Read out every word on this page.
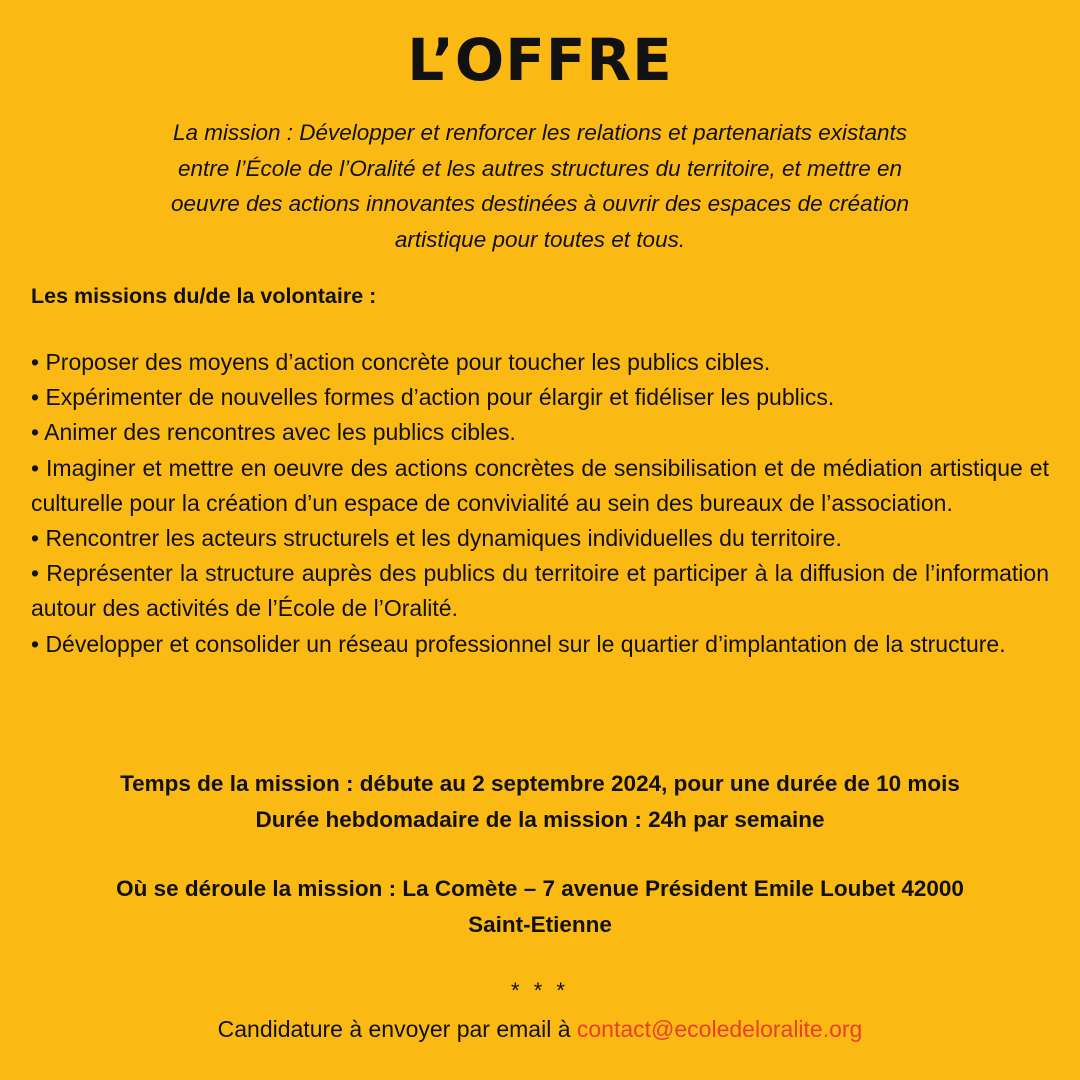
L’OFFRE

La mission : Développer et renforcer les relations et partenariats existants
entre l’École de l’Oralité et les autres structures du territoire, et mettre en
oeuvre des actions innovantes destinées à ouvrir des espaces de création
artistique pour toutes et tous.

Les missions du/de la volontaire :

• Proposer des moyens d’action concrète pour toucher les publics cibles.
• Expérimenter de nouvelles formes d’action pour élargir et fidéliser les publics.
• Animer des rencontres avec les publics cibles.
• Imaginer et mettre en oeuvre des actions concrètes de sensibilisation et de médiation artistique et culturelle pour la création d’un espace de convivialité au sein des bureaux de l’association.
• Rencontrer les acteurs structurels et les dynamiques individuelles du territoire.
• Représenter la structure auprès des publics du territoire et participer à la diffusion de l’information autour des activités de l’École de l’Oralité.
• Développer et consolider un réseau professionnel sur le quartier d’implantation de la structure.

Temps de la mission : débute au 2 septembre 2024, pour une durée de 10 mois
Durée hebdomadaire de la mission : 24h par semaine

Où se déroule la mission : La Comète – 7 avenue Président Emile Loubet 42000
Saint-Etienne

* * *
Candidature à envoyer par email à contact@ecoledeloralite.org
